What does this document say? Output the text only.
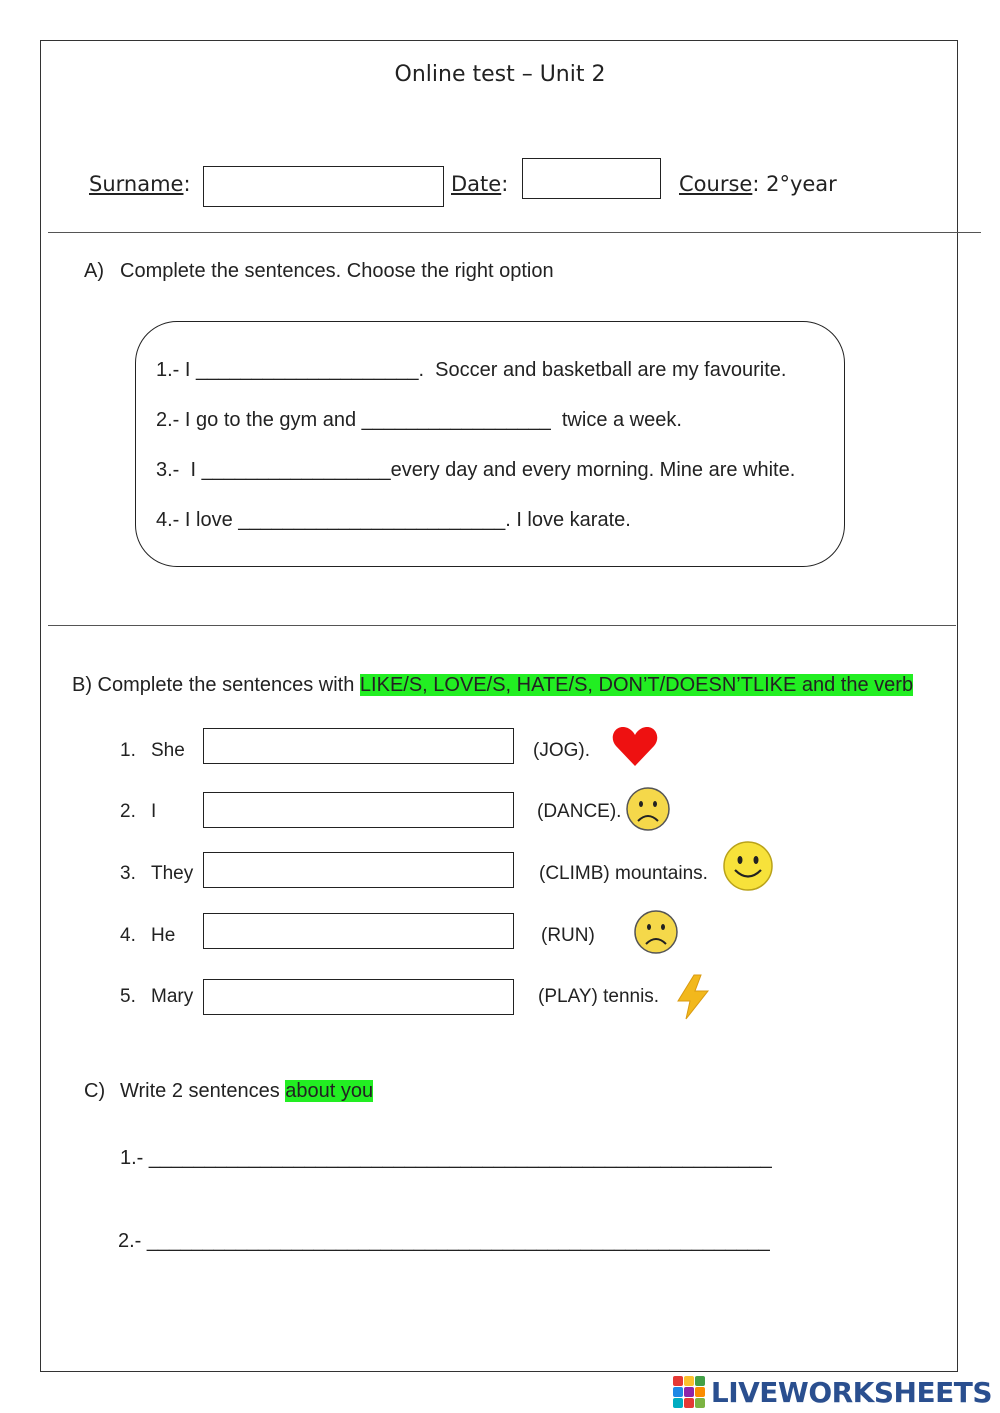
Online test – Unit 2
Surname:	Date:	Course: 2°year
A) Complete the sentences. Choose the right option
1.- I ____________________.  Soccer and basketball are my favourite.
2.- I go to the gym and _________________  twice a week.
3.-  I _________________every day and every morning. Mine are white.
4.- I love ________________________. I love karate.
B) Complete the sentences with LIKE/S, LOVE/S, HATE/S, DON’T/DOESN’TLIKE and the verb
1. She	(JOG).
2. I	(DANCE).
3. They	(CLIMB) mountains.
4. He	(RUN)
5. Mary	(PLAY) tennis.
C) Write 2 sentences about you
1.- ________________________________________________________
2.- ________________________________________________________
LIVEWORKSHEETS
